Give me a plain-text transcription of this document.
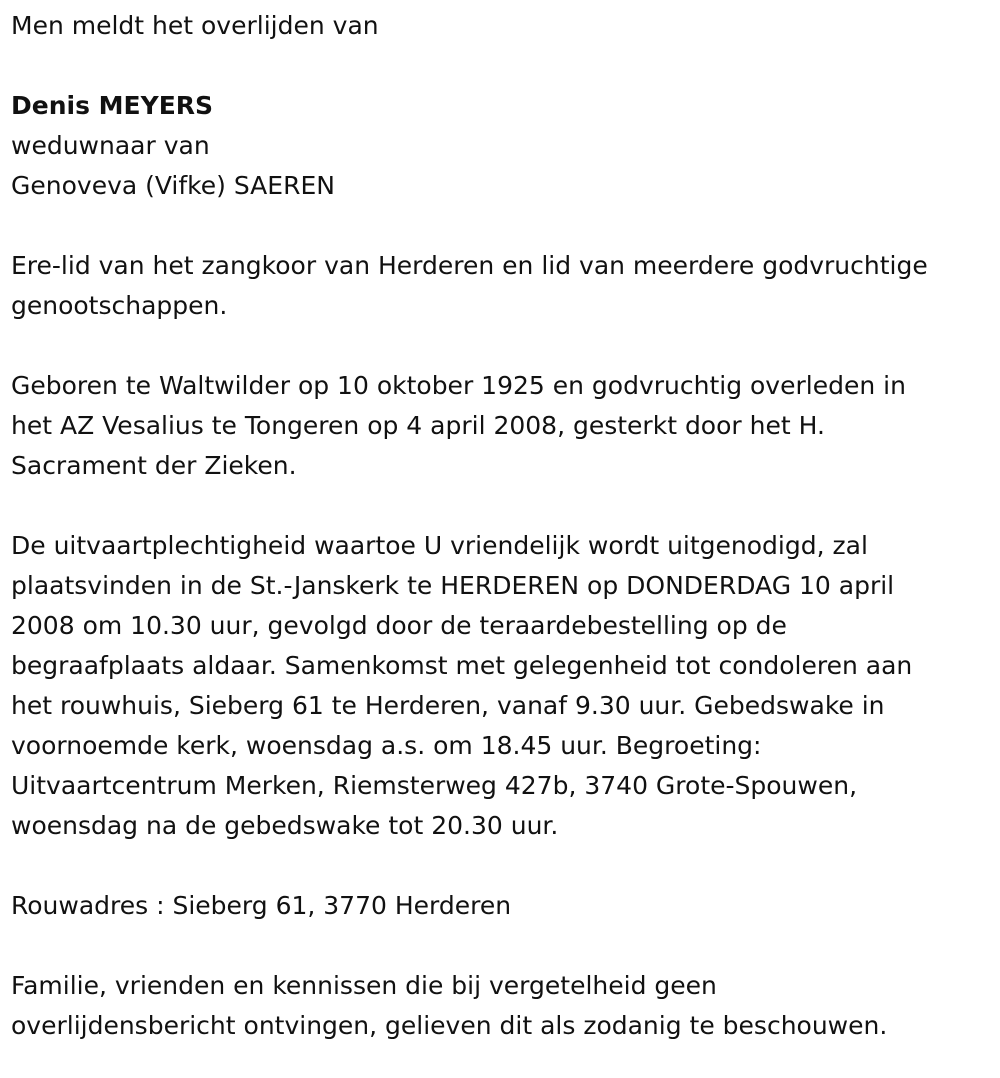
Men meldt het overlijden van
Denis MEYERS
weduwnaar van
Genoveva (Vifke) SAEREN
Ere-lid van het zangkoor van Herderen en lid van meerdere godvruchtige
genootschappen.
Geboren te Waltwilder op 10 oktober 1925 en godvruchtig overleden in
het AZ Vesalius te Tongeren op 4 april 2008, gesterkt door het H.
Sacrament der Zieken.
De uitvaartplechtigheid waartoe U vriendelijk wordt uitgenodigd, zal
plaatsvinden in de St.-Janskerk te HERDEREN op DONDERDAG 10 april
2008 om 10.30 uur, gevolgd door de teraardebestelling op de
begraafplaats aldaar. Samenkomst met gelegenheid tot condoleren aan
het rouwhuis, Sieberg 61 te Herderen, vanaf 9.30 uur. Gebedswake in
voornoemde kerk, woensdag a.s. om 18.45 uur. Begroeting:
Uitvaartcentrum Merken, Riemsterweg 427b, 3740 Grote-Spouwen,
woensdag na de gebedswake tot 20.30 uur.
Rouwadres : Sieberg 61, 3770 Herderen
Familie, vrienden en kennissen die bij vergetelheid geen
overlijdensbericht ontvingen, gelieven dit als zodanig te beschouwen.
